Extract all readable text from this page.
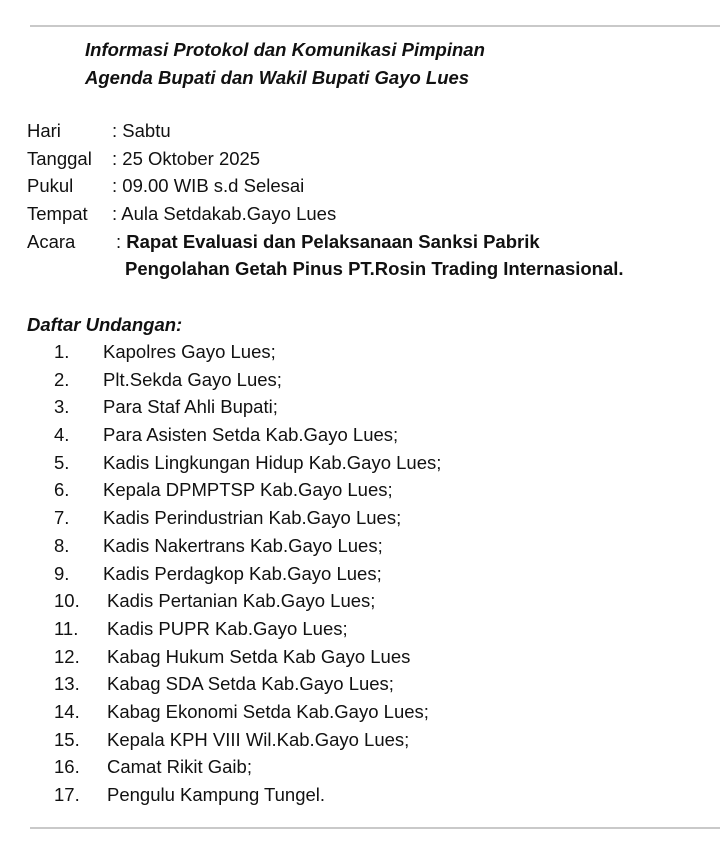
Informasi Protokol dan Komunikasi Pimpinan
Agenda Bupati dan Wakil Bupati Gayo Lues
Hari	: Sabtu
Tanggal : 25 Oktober 2025
Pukul : 09.00 WIB s.d Selesai
Tempat : Aula Setdakab.Gayo Lues
Acara : Rapat Evaluasi dan Pelaksanaan Sanksi Pabrik
Pengolahan Getah Pinus PT.Rosin Trading Internasional.
Daftar Undangan:
1. Kapolres Gayo Lues;
2. Plt.Sekda Gayo Lues;
3. Para Staf Ahli Bupati;
4. Para Asisten Setda Kab.Gayo Lues;
5. Kadis Lingkungan Hidup Kab.Gayo Lues;
6. Kepala DPMPTSP Kab.Gayo Lues;
7. Kadis Perindustrian Kab.Gayo Lues;
8. Kadis Nakertrans Kab.Gayo Lues;
9. Kadis Perdagkop Kab.Gayo Lues;
10. Kadis Pertanian Kab.Gayo Lues;
11. Kadis PUPR Kab.Gayo Lues;
12. Kabag Hukum Setda Kab Gayo Lues
13. Kabag SDA Setda Kab.Gayo Lues;
14. Kabag Ekonomi Setda Kab.Gayo Lues;
15. Kepala KPH VIII Wil.Kab.Gayo Lues;
16. Camat Rikit Gaib;
17. Pengulu Kampung Tungel.
